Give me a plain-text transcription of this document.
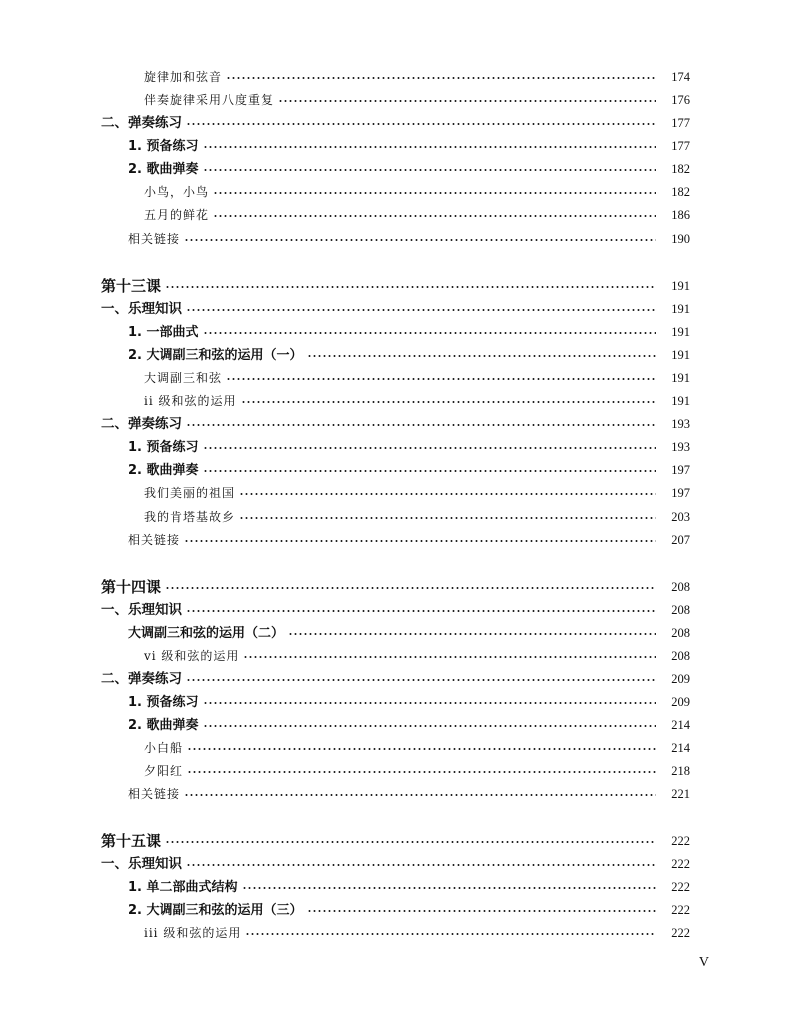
旋律加和弦音	174
伴奏旋律采用八度重复	176
二、弹奏练习	177
1. 预备练习	177
2. 歌曲弹奏	182
小鸟，小鸟	182
五月的鲜花	186
相关链接	190
第十三课	191
一、乐理知识	191
1. 一部曲式	191
2. 大调副三和弦的运用（一）	191
大调副三和弦	191
ii 级和弦的运用	191
二、弹奏练习	193
1. 预备练习	193
2. 歌曲弹奏	197
我们美丽的祖国	197
我的肯塔基故乡	203
相关链接	207
第十四课	208
一、乐理知识	208
大调副三和弦的运用（二）	208
vi 级和弦的运用	208
二、弹奏练习	209
1. 预备练习	209
2. 歌曲弹奏	214
小白船	214
夕阳红	218
相关链接	221
第十五课	222
一、乐理知识	222
1. 单二部曲式结构	222
2. 大调副三和弦的运用（三）	222
iii 级和弦的运用	222
V
